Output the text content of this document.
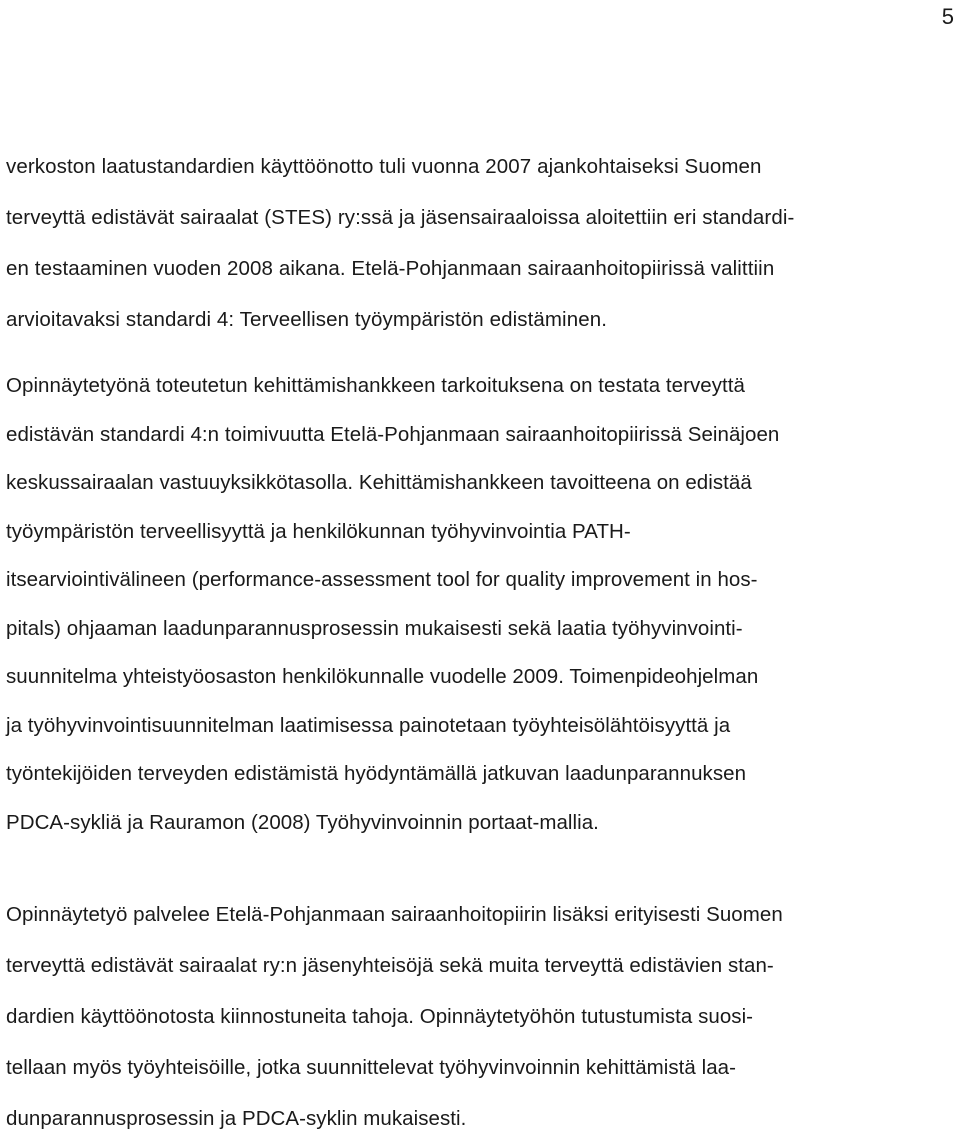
5
verkoston laatustandardien käyttöönotto tuli vuonna 2007 ajankohtaiseksi Suomen
terveyttä edistävät sairaalat (STES) ry:ssä ja jäsensairaaloissa aloitettiin eri standardi-
en testaaminen vuoden 2008 aikana. Etelä-Pohjanmaan sairaanhoitopiirissä valittiin
arvioitavaksi standardi 4: Terveellisen työympäristön edistäminen.
Opinnäytetyönä toteutetun kehittämishankkeen tarkoituksena on testata terveyttä
edistävän standardi 4:n toimivuutta Etelä-Pohjanmaan sairaanhoitopiirissä Seinäjoen
keskussairaalan vastuuyksikkötasolla. Kehittämishankkeen tavoitteena on edistää
työympäristön terveellisyyttä ja henkilökunnan työhyvinvointia PATH-
itsearviointivälineen (performance-assessment tool for quality improvement in hos-
pitals) ohjaaman laadunparannusprosessin mukaisesti sekä laatia työhyvinvointi-
suunnitelma yhteistyöosaston henkilökunnalle vuodelle 2009. Toimenpideohjelman
ja työhyvinvointisuunnitelman laatimisessa painotetaan työyhteisölähtöisyyttä ja
työntekijöiden terveyden edistämistä hyödyntämällä jatkuvan laadunparannuksen
PDCA-sykliä ja Rauramon (2008) Työhyvinvoinnin portaat-mallia.
Opinnäytetyö palvelee Etelä-Pohjanmaan sairaanhoitopiirin lisäksi erityisesti Suomen
terveyttä edistävät sairaalat ry:n jäsenyhteisöjä sekä muita terveyttä edistävien stan-
dardien käyttöönotosta kiinnostuneita tahoja. Opinnäytetyöhön tutustumista suosi-
tellaan myös työyhteisöille, jotka suunnittelevat työhyvinvoinnin kehittämistä laa-
dunparannusprosessin ja PDCA-syklin mukaisesti.
